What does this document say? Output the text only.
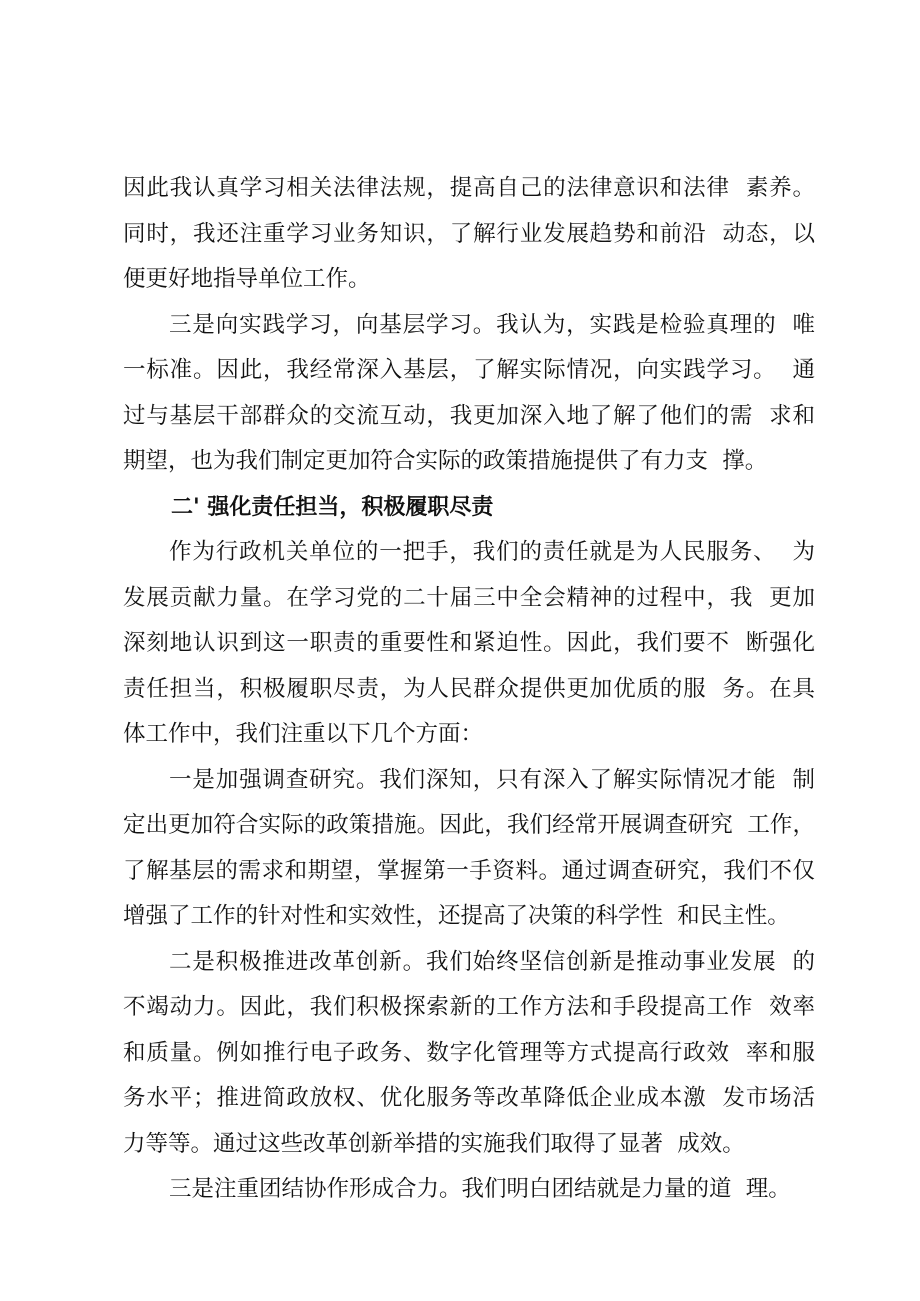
因此我认真学习相关法律法规，提高自己的法律意识和法律  素养。
同时，我还注重学习业务知识，了解行业发展趋势和前沿  动态，以
便更好地指导单位工作。
三是向实践学习，向基层学习。我认为，实践是检验真理的  唯
一标准。因此，我经常深入基层，了解实际情况，向实践学习。  通
过与基层干部群众的交流互动，我更加深入地了解了他们的需  求和
期望，也为我们制定更加符合实际的政策措施提供了有力支  撑。
二' 强化责任担当，积极履职尽责
作为行政机关单位的一把手，我们的责任就是为人民服务、  为
发展贡献力量。在学习党的二十届三中全会精神的过程中，我  更加
深刻地认识到这一职责的重要性和紧迫性。因此，我们要不  断强化
责任担当，积极履职尽责，为人民群众提供更加优质的服  务。在具
体工作中，我们注重以下几个方面：
一是加强调查研究。我们深知，只有深入了解实际情况才能  制
定出更加符合实际的政策措施。因此，我们经常开展调查研究  工作，
了解基层的需求和期望，掌握第一手资料。通过调查研究，我们不仅
增强了工作的针对性和实效性，还提高了决策的科学性  和民主性。
二是积极推进改革创新。我们始终坚信创新是推动事业发展  的
不竭动力。因此，我们积极探索新的工作方法和手段提高工作  效率
和质量。例如推行电子政务、数字化管理等方式提高行政效  率和服
务水平；推进简政放权、优化服务等改革降低企业成本激  发市场活
力等等。通过这些改革创新举措的实施我们取得了显著  成效。
三是注重团结协作形成合力。我们明白团结就是力量的道  理。
